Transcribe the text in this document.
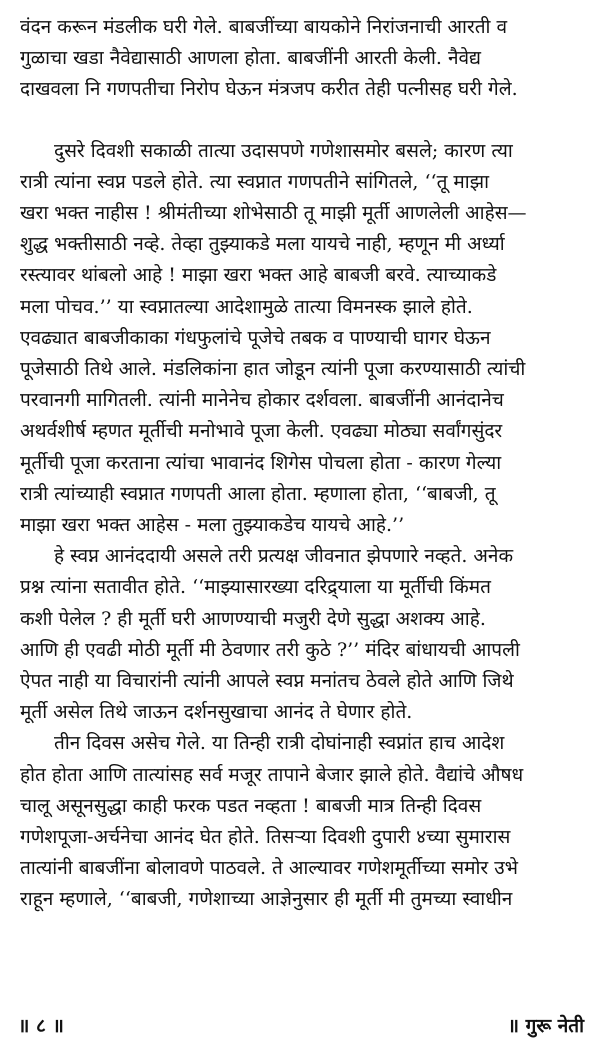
वंदन करून मंडलीक घरी गेले. बाबजींच्या बायकोने निरांजनाची आरती व
गुळाचा खडा नैवेद्यासाठी आणला होता. बाबजींनी आरती केली. नैवेद्य
दाखवला नि गणपतीचा निरोप घेऊन मंत्रजप करीत तेही पत्नीसह घरी गेले.
दुसरे दिवशी सकाळी तात्या उदासपणे गणेशासमोर बसले; कारण त्या
रात्री त्यांना स्वप्न पडले होते. त्या स्वप्नात गणपतीने सांगितले, ‘‘तू माझा
खरा भक्त नाहीस ! श्रीमंतीच्या शोभेसाठी तू माझी मूर्ती आणलेली आहेस—
शुद्ध भक्तीसाठी नव्हे. तेव्हा तुझ्याकडे मला यायचे नाही, म्हणून मी अर्ध्या
रस्त्यावर थांबलो आहे ! माझा खरा भक्त आहे बाबजी बरवे. त्याच्याकडे
मला पोचव.’’ या स्वप्नातल्या आदेशामुळे तात्या विमनस्क झाले होते.
एवढ्यात बाबजीकाका गंधफुलांचे पूजेचे तबक व पाण्याची घागर घेऊन
पूजेसाठी तिथे आले. मंडलिकांना हात जोडून त्यांनी पूजा करण्यासाठी त्यांची
परवानगी मागितली. त्यांनी मानेनेच होकार दर्शवला. बाबजींनी आनंदानेच
अथर्वशीर्ष म्हणत मूर्तीची मनोभावे पूजा केली. एवढ्या मोठ्या सर्वांगसुंदर
मूर्तीची पूजा करताना त्यांचा भावानंद शिगेस पोचला होता - कारण गेल्या
रात्री त्यांच्याही स्वप्नात गणपती आला होता. म्हणाला होता, ‘‘बाबजी, तू
माझा खरा भक्त आहेस - मला तुझ्याकडेच यायचे आहे.’’
हे स्वप्न आनंददायी असले तरी प्रत्यक्ष जीवनात झेपणारे नव्हते. अनेक
प्रश्न त्यांना सतावीत होते. ‘‘माझ्यासारख्या दरिद्र्याला या मूर्तीची किंमत
कशी पेलेल ? ही मूर्ती घरी आणण्याची मजुरी देणे सुद्धा अशक्य आहे.
आणि ही एवढी मोठी मूर्ती मी ठेवणार तरी कुठे ?’’ मंदिर बांधायची आपली
ऐपत नाही या विचारांनी त्यांनी आपले स्वप्न मनांतच ठेवले होते आणि जिथे
मूर्ती असेल तिथे जाऊन दर्शनसुखाचा आनंद ते घेणार होते.
तीन दिवस असेच गेले. या तिन्ही रात्री दोघांनाही स्वप्नांत हाच आदेश
होत होता आणि तात्यांसह सर्व मजूर तापाने बेजार झाले होते. वैद्यांचे औषध
चालू असूनसुद्धा काही फरक पडत नव्हता ! बाबजी मात्र तिन्ही दिवस
गणेशपूजा-अर्चनेचा आनंद घेत होते. तिसऱ्या दिवशी दुपारी ४च्या सुमारास
तात्यांनी बाबजींना बोलावणे पाठवले. ते आल्यावर गणेशमूर्तीच्या समोर उभे
राहून म्हणाले, ‘‘बाबजी, गणेशाच्या आज्ञेनुसार ही मूर्ती मी तुमच्या स्वाधीन
॥ ८ ॥	॥ गुरू नेती
